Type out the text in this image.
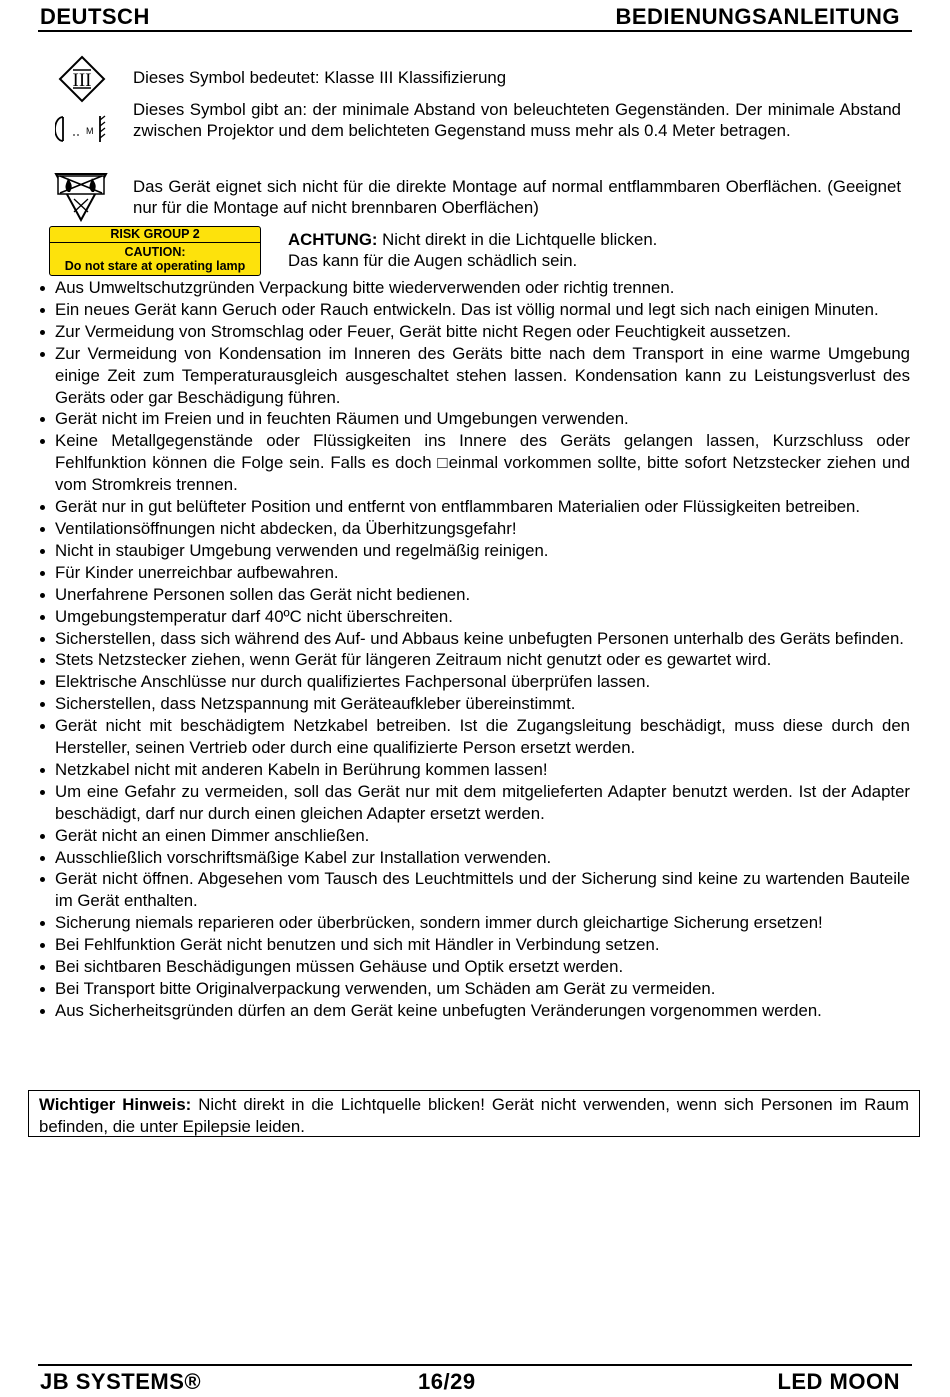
DEUTSCH	BEDIENUNGSANLEITUNG
III Dieses Symbol bedeutet: Klasse III Klassifizierung
M
Dieses Symbol gibt an: der minimale Abstand von beleuchteten Gegenständen. Der minimale Abstand zwischen Projektor und dem belichteten Gegenstand muss mehr als 0.4 Meter betragen.
Das Gerät eignet sich nicht für die direkte Montage auf normal entflammbaren Oberflächen. (Geeignet nur für die Montage auf nicht brennbaren Oberflächen)
RISK GROUP 2
CAUTION:
Do not stare at operating lamp
ACHTUNG: Nicht direkt in die Lichtquelle blicken.
Das kann für die Augen schädlich sein.
Aus Umweltschutzgründen Verpackung bitte wiederverwenden oder richtig trennen.
Ein neues Gerät kann Geruch oder Rauch entwickeln. Das ist völlig normal und legt sich nach einigen Minuten.
Zur Vermeidung von Stromschlag oder Feuer, Gerät bitte nicht Regen oder Feuchtigkeit aussetzen.
Zur Vermeidung von Kondensation im Inneren des Geräts bitte nach dem Transport in eine warme Umgebung einige Zeit zum Temperaturausgleich ausgeschaltet stehen lassen. Kondensation kann zu Leistungsverlust des Geräts oder gar Beschädigung führen.
Gerät nicht im Freien und in feuchten Räumen und Umgebungen verwenden.
Keine Metallgegenstände oder Flüssigkeiten ins Innere des Geräts gelangen lassen, Kurzschluss oder Fehlfunktion können die Folge sein. Falls es doch □einmal vorkommen sollte, bitte sofort Netzstecker ziehen und vom Stromkreis trennen.
Gerät nur in gut belüfteter Position und entfernt von entflammbaren Materialien oder Flüssigkeiten betreiben.
Ventilationsöffnungen nicht abdecken, da Überhitzungsgefahr!
Nicht in staubiger Umgebung verwenden und regelmäßig reinigen.
Für Kinder unerreichbar aufbewahren.
Unerfahrene Personen sollen das Gerät nicht bedienen.
Umgebungstemperatur darf 40ºC nicht überschreiten.
Sicherstellen, dass sich während des Auf- und Abbaus keine unbefugten Personen unterhalb des Geräts befinden.
Stets Netzstecker ziehen, wenn Gerät für längeren Zeitraum nicht genutzt oder es gewartet wird.
Elektrische Anschlüsse nur durch qualifiziertes Fachpersonal überprüfen lassen.
Sicherstellen, dass Netzspannung mit Geräteaufkleber übereinstimmt.
Gerät nicht mit beschädigtem Netzkabel betreiben. Ist die Zugangsleitung beschädigt, muss diese durch den Hersteller, seinen Vertrieb oder durch eine qualifizierte Person ersetzt werden.
Netzkabel nicht mit anderen Kabeln in Berührung kommen lassen!
Um eine Gefahr zu vermeiden, soll das Gerät nur mit dem mitgelieferten Adapter benutzt werden. Ist der Adapter beschädigt, darf nur durch einen gleichen Adapter ersetzt werden.
Gerät nicht an einen Dimmer anschließen.
Ausschließlich vorschriftsmäßige Kabel zur Installation verwenden.
Gerät nicht öffnen. Abgesehen vom Tausch des Leuchtmittels und der Sicherung sind keine zu wartenden Bauteile im Gerät enthalten.
Sicherung niemals reparieren oder überbrücken, sondern immer durch gleichartige Sicherung ersetzen!
Bei Fehlfunktion Gerät nicht benutzen und sich mit Händler in Verbindung setzen.
Bei sichtbaren Beschädigungen müssen Gehäuse und Optik ersetzt werden.
Bei Transport bitte Originalverpackung verwenden, um Schäden am Gerät zu vermeiden.
Aus Sicherheitsgründen dürfen an dem Gerät keine unbefugten Veränderungen vorgenommen werden.
Wichtiger Hinweis: Nicht direkt in die Lichtquelle blicken! Gerät nicht verwenden, wenn sich Personen im Raum befinden, die unter Epilepsie leiden.
JB SYSTEMS®	16/29	LED MOON
